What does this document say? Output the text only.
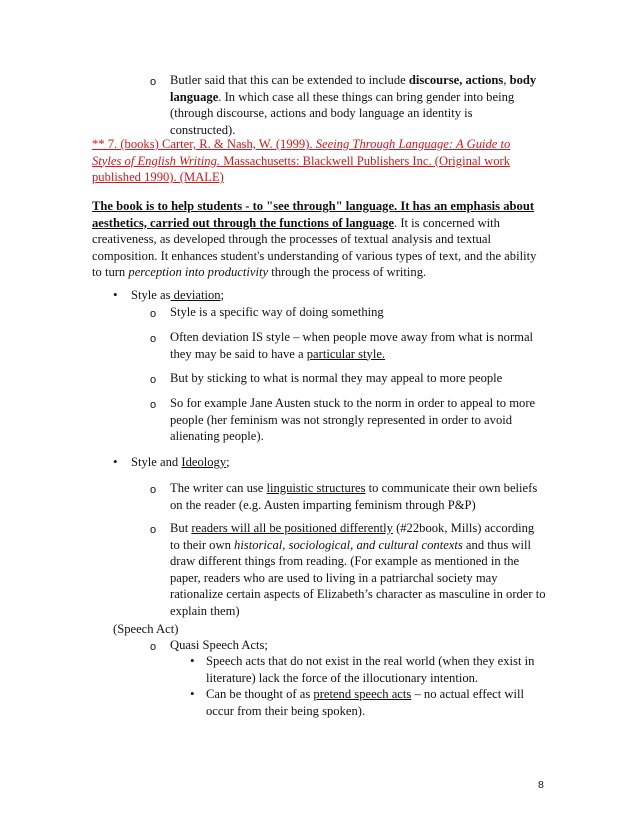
o Butler said that this can be extended to include discourse, actions, body language. In which case all these things can bring gender into being (through discourse, actions and body language an identity is constructed).
** 7. (books) Carter, R. & Nash, W. (1999). Seeing Through Language: A Guide to Styles of English Writing. Massachusetts: Blackwell Publishers Inc. (Original work published 1990). (MALE)
The book is to help students - to "see through" language. It has an emphasis about aesthetics, carried out through the functions of language. It is concerned with creativeness, as developed through the processes of textual analysis and textual composition. It enhances student's understanding of various types of text, and the ability to turn perception into productivity through the process of writing.
• Style as deviation;
o Style is a specific way of doing something
o Often deviation IS style – when people move away from what is normal they may be said to have a particular style.
o But by sticking to what is normal they may appeal to more people
o So for example Jane Austen stuck to the norm in order to appeal to more people (her feminism was not strongly represented in order to avoid alienating people).
• Style and Ideology;
o The writer can use linguistic structures to communicate their own beliefs on the reader (e.g. Austen imparting feminism through P&P)
o But readers will all be positioned differently (#22book, Mills) according to their own historical, sociological, and cultural contexts and thus will draw different things from reading. (For example as mentioned in the paper, readers who are used to living in a patriarchal society may rationalize certain aspects of Elizabeth’s character as masculine in order to explain them)
(Speech Act)
o Quasi Speech Acts;
• Speech acts that do not exist in the real world (when they exist in literature) lack the force of the illocutionary intention.
• Can be thought of as pretend speech acts – no actual effect will occur from their being spoken).
8
